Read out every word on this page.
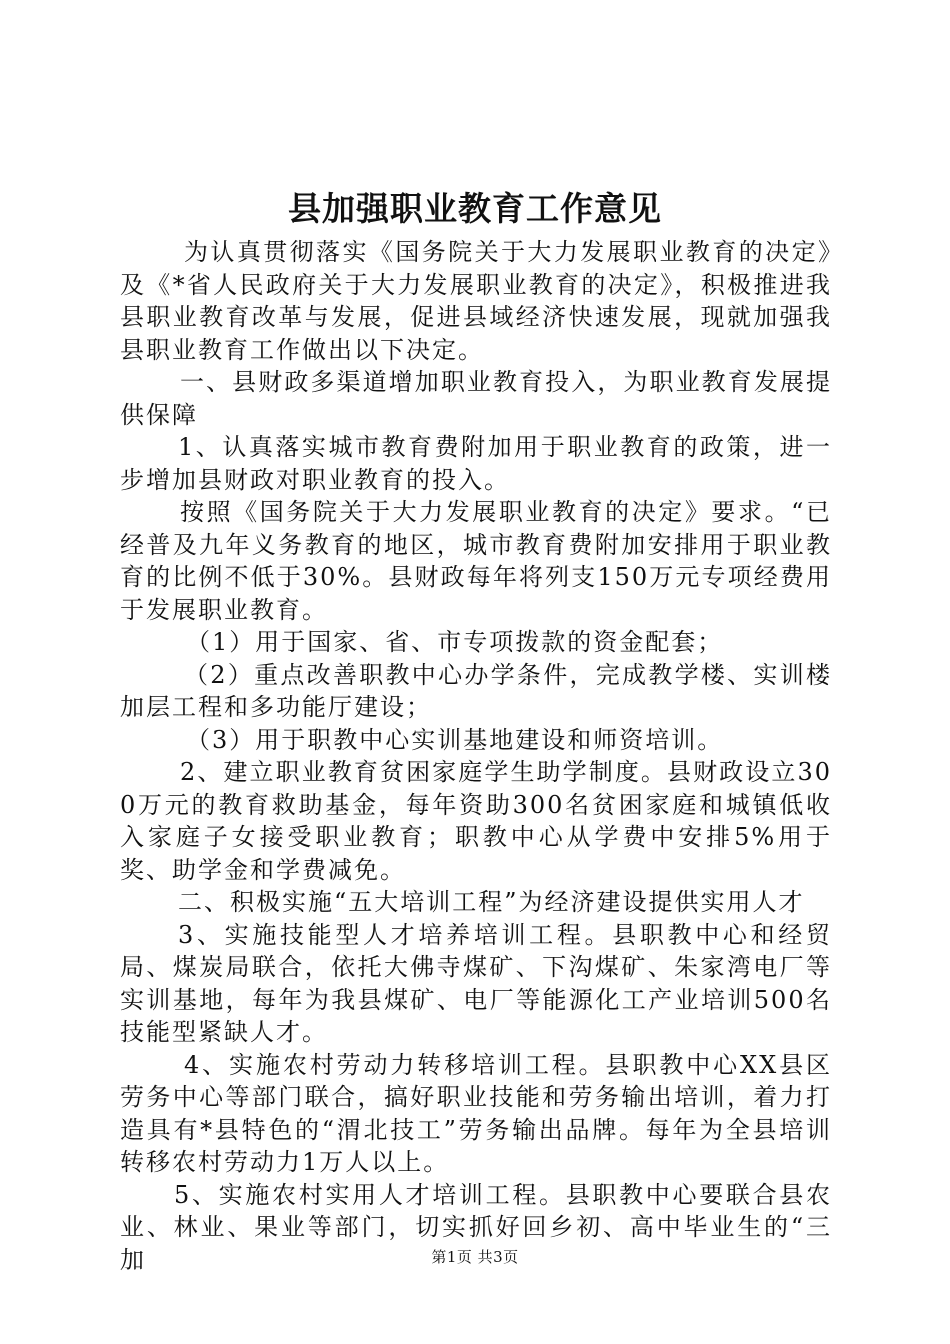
县加强职业教育工作意见

为认真贯彻落实《国务院关于大力发展职业教育的决定》及《*省人民政府关于大力发展职业教育的决定》，积极推进我县职业教育改革与发展，促进县域经济快速发展，现就加强我县职业教育工作做出以下决定。

一、县财政多渠道增加职业教育投入，为职业教育发展提供保障

1、认真落实城市教育费附加用于职业教育的政策，进一步增加县财政对职业教育的投入。

按照《国务院关于大力发展职业教育的决定》要求。“已经普及九年义务教育的地区，城市教育费附加安排用于职业教育的比例不低于30%。县财政每年将列支150万元专项经费用于发展职业教育。

（1）用于国家、省、市专项拨款的资金配套；

（2）重点改善职教中心办学条件，完成教学楼、实训楼加层工程和多功能厅建设；

（3）用于职教中心实训基地建设和师资培训。

2、建立职业教育贫困家庭学生助学制度。县财政设立300万元的教育救助基金，每年资助300名贫困家庭和城镇低收入家庭子女接受职业教育；职教中心从学费中安排5%用于奖、助学金和学费减免。

二、积极实施“五大培训工程”为经济建设提供实用人才

3、实施技能型人才培养培训工程。县职教中心和经贸局、煤炭局联合，依托大佛寺煤矿、下沟煤矿、朱家湾电厂等实训基地，每年为我县煤矿、电厂等能源化工产业培训500名技能型紧缺人才。

4、实施农村劳动力转移培训工程。县职教中心XX县区劳务中心等部门联合，搞好职业技能和劳务输出培训，着力打造具有*县特色的“渭北技工”劳务输出品牌。每年为全县培训转移农村劳动力1万人以上。

5、实施农村实用人才培训工程。县职教中心要联合县农业、林业、果业等部门，切实抓好回乡初、高中毕业生的“三加	第1页 共3页
